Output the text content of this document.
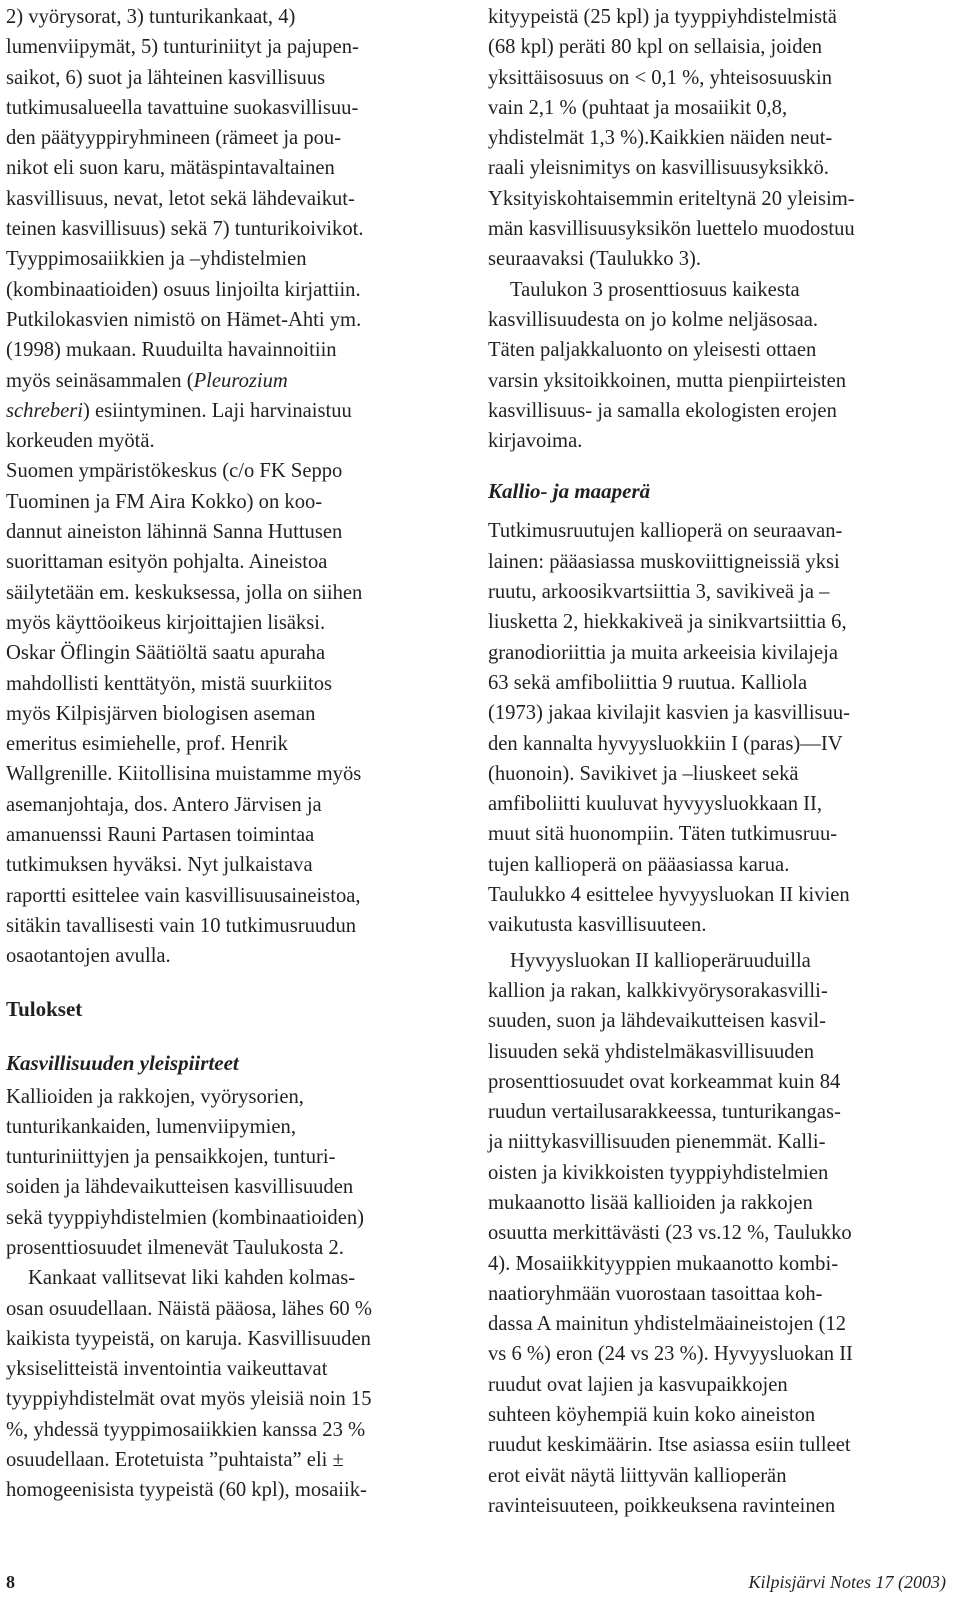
2) vyörysorat, 3) tunturikankaat, 4)
lumenviipymät, 5) tunturiniityt ja pajupen-
saikot, 6) suot ja lähteinen kasvillisuus
tutkimusalueella tavattuine suokasvillisuu-
den päätyyppiryhmineen (rämeet ja pou-
nikot eli suon karu, mätäspintavaltainen
kasvillisuus, nevat, letot sekä lähdevaikut-
teinen kasvillisuus) sekä 7) tunturikoivikot.
Tyyppimosaiikkien ja –yhdistelmien
(kombinaatioiden) osuus linjoilta kirjattiin.
Putkilokasvien nimistö on Hämet-Ahti ym.
(1998) mukaan. Ruuduilta havainnoitiin
myös seinäsammalen (Pleurozium
schreberi) esiintyminen. Laji harvinaistuu
korkeuden myötä.

Suomen ympäristökeskus (c/o FK Seppo
Tuominen ja FM Aira Kokko) on koo-
dannut aineiston lähinnä Sanna Huttusen
suorittaman esityön pohjalta. Aineistoa
säilytetään em. keskuksessa, jolla on siihen
myös käyttöoikeus kirjoittajien lisäksi.
Oskar Öflingin Säätiöltä saatu apuraha
mahdollisti kenttätyön, mistä suurkiitos
myös Kilpisjärven biologisen aseman
emeritus esimiehelle, prof. Henrik
Wallgrenille. Kiitollisina muistamme myös
asemanjohtaja, dos. Antero Järvisen ja
amanuenssi Rauni Partasen toimintaa
tutkimuksen hyväksi. Nyt julkaistava
raportti esittelee vain kasvillisuusaineistoa,
sitäkin tavallisesti vain 10 tutkimusruudun
osaotantojen avulla.

Tulokset
Kasvillisuuden yleispiirteet

Kallioiden ja rakkojen, vyörysorien,
tunturikankaiden, lumenviipymien,
tunturiniittyjen ja pensaikkojen, tunturi-
soiden ja lähdevaikutteisen kasvillisuuden
sekä tyyppiyhdistelmien (kombinaatioiden)
prosenttiosuudet ilmenevät Taulukosta 2.

Kankaat vallitsevat liki kahden kolmas-
osan osuudellaan. Näistä pääosa, lähes 60 %
kaikista tyypeistä, on karuja. Kasvillisuuden
yksiselitteistä inventointia vaikeuttavat
tyyppiyhdistelmät ovat myös yleisiä noin 15
%, yhdessä tyyppimosaiikkien kanssa 23 %
osuudellaan. Erotetuista ”puhtaista” eli ±
homogeenisista tyypeistä (60 kpl), mosaiik-

kityypeistä (25 kpl) ja tyyppiyhdistelmistä
(68 kpl) peräti 80 kpl on sellaisia, joiden
yksittäisosuus on < 0,1 %, yhteisosuuskin
vain 2,1 % (puhtaat ja mosaiikit 0,8,
yhdistelmät 1,3 %).Kaikkien näiden neut-
raali yleisnimitys on kasvillisuusyksikkö.
Yksityiskohtaisemmin eriteltynä 20 yleisim-
män kasvillisuusyksikön luettelo muodostuu
seuraavaksi (Taulukko 3).

Taulukon 3 prosenttiosuus kaikesta
kasvillisuudesta on jo kolme neljäsosaa.
Täten paljakkaluonto on yleisesti ottaen
varsin yksitoikkoinen, mutta pienpiirteisten
kasvillisuus- ja samalla ekologisten erojen
kirjavoima.

Kallio- ja maaperä

Tutkimusruutujen kallioperä on seuraavan-
lainen: pääasiassa muskoviittigneissiä yksi
ruutu, arkoosikvartsiittia 3, savikiveä ja –
liusketta 2, hiekkakiveä ja sinikvartsiittia 6,
granodioriittia ja muita arkeeisia kivilajeja
63 sekä amfiboliittia 9 ruutua. Kalliola
(1973) jakaa kivilajit kasvien ja kasvillisuu-
den kannalta hyvyysluokkiin I (paras)—IV
(huonoin). Savikivet ja –liuskeet sekä
amfiboliitti kuuluvat hyvyysluokkaan II,
muut sitä huonompiin. Täten tutkimusruu-
tujen kallioperä on pääasiassa karua.
Taulukko 4 esittelee hyvyysluokan II kivien
vaikutusta kasvillisuuteen.

Hyvyysluokan II kallioperäruuduilla
kallion ja rakan, kalkkivyörysorakasvilli-
suuden, suon ja lähdevaikutteisen kasvil-
lisuuden sekä yhdistelmäkasvillisuuden
prosenttiosuudet ovat korkeammat kuin 84
ruudun vertailusarakkeessa, tunturikangas-
ja niittykasvillisuuden pienemmät. Kalli-
oisten ja kivikkoisten tyyppiyhdistelmien
mukaanotto lisää kallioiden ja rakkojen
osuutta merkittävästi (23 vs.12 %, Taulukko
4). Mosaiikkityyppien mukaanotto kombi-
naatioryhmään vuorostaan tasoittaa koh-
dassa A mainitun yhdistelmäaineistojen (12
vs 6 %) eron (24 vs 23 %). Hyvyysluokan II
ruudut ovat lajien ja kasvupaikkojen
suhteen köyhempiä kuin koko aineiston
ruudut keskimäärin. Itse asiassa esiin tulleet
erot eivät näytä liittyvän kallioperän
ravinteisuuteen, poikkeuksena ravinteinen

8	Kilpisjärvi Notes 17 (2003)
